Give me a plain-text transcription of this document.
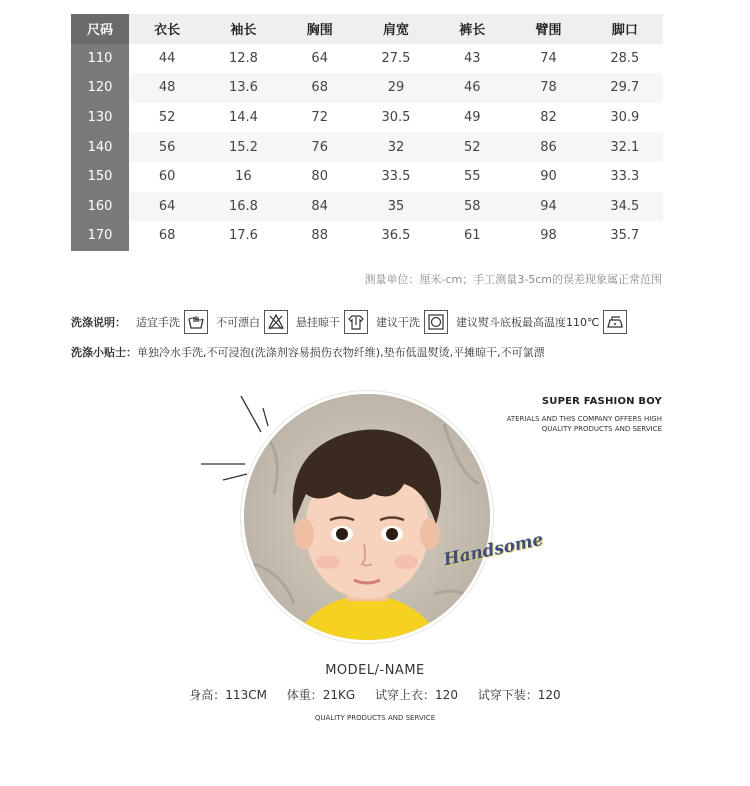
尺码	衣长	袖长	胸围	肩宽	裤长	臂围	脚口
110	44	12.8	64	27.5	43	74	28.5
120	48	13.6	68	29	46	78	29.7
130	52	14.4	72	30.5	49	82	30.9
140	56	15.2	76	32	52	86	32.1
150	60	16	80	33.5	55	90	33.3
160	64	16.8	84	35	58	94	34.5
170	68	17.6	88	36.5	61	98	35.7
测量单位：厘米-cm；手工测量3-5cm的误差现象属正常范围
洗涤说明： 适宜手洗	不可漂白	悬挂晾干	建议干洗	建议熨斗底板最高温度110℃
洗涤小贴士：单独冷水手洗,不可浸泡(洗涤剂容易损伤衣物纤维),垫布低温熨烫,平摊晾干,不可氯漂
SUPER FASHION BOY
ATERIALS AND THIS COMPANY OFFERS HIGH
QUALITY PRODUCTS AND SERVICE
Handsome
MODEL/-NAME
身高：113CM 体重：21KG 试穿上衣：120 试穿下装：120
QUALITY PRODUCTS AND SERVICE
